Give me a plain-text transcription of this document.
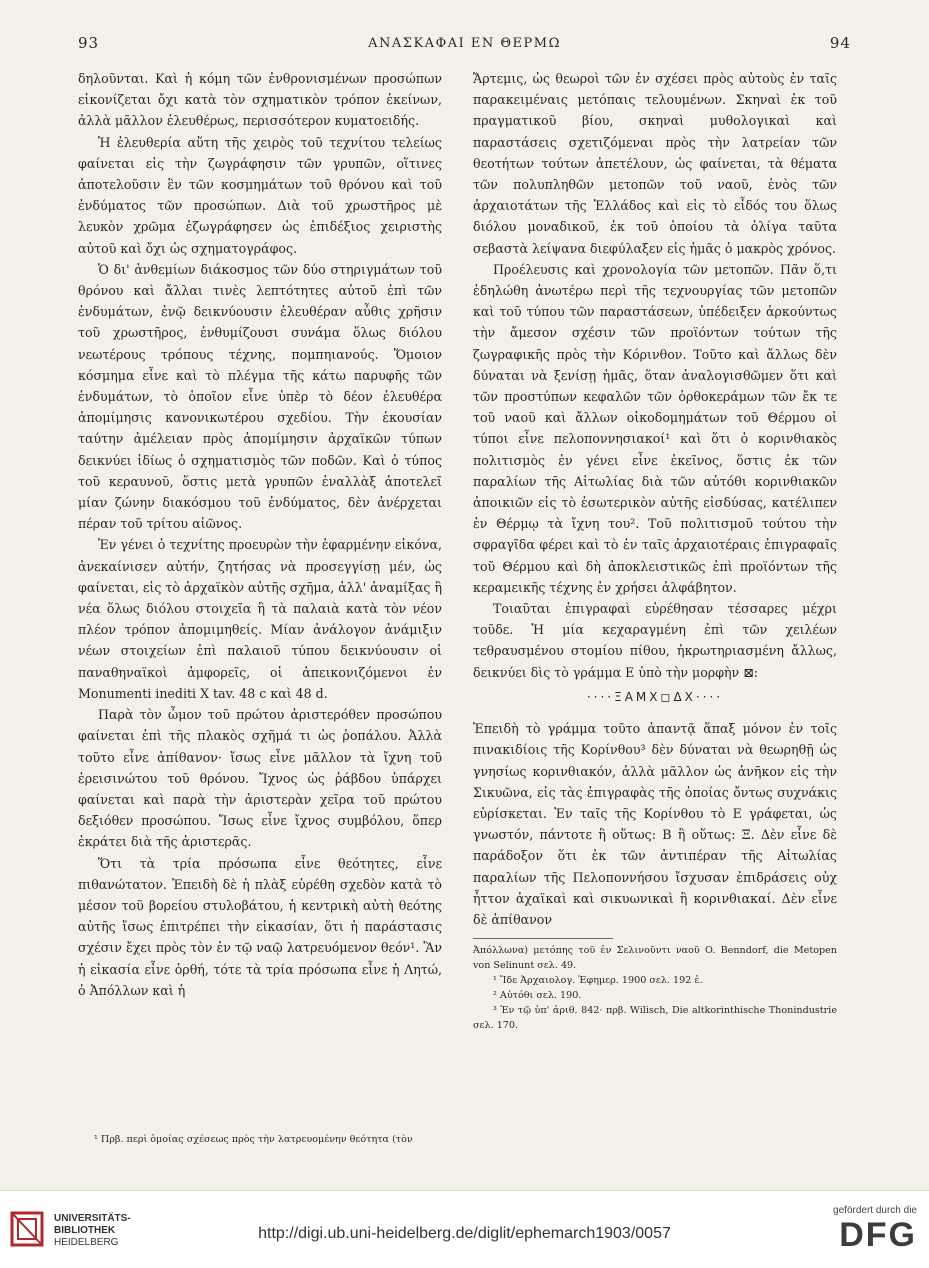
93	ΑΝΑΣΚΑΦΑΙ ΕΝ ΘΕΡΜΩ	94

δηλοῦνται. Καὶ ἡ κόμη τῶν ἐνθρονισμένων προσώπων εἰκονίζεται ὄχι κατὰ τὸν σχηματικὸν τρόπον ἐκείνων, ἀλλὰ μᾶλλον ἐλευθέρως, περισσότερον κυματοειδής.

Ἡ ἐλευθερία αὕτη τῆς χειρὸς τοῦ τεχνίτου τελείως φαίνεται εἰς τὴν ζωγράφησιν τῶν γρυπῶν, οἵτινες ἀποτελοῦσιν ἓν τῶν κοσμημάτων τοῦ θρόνου καὶ τοῦ ἐνδύματος τῶν προσώπων. Διὰ τοῦ χρωστῆρος μὲ λευκὸν χρῶμα ἐζωγράφησεν ὡς ἐπιδέξιος χειριστὴς αὐτοῦ καὶ ὄχι ὡς σχηματογράφος.

Ὁ δι' ἀνθεμίων διάκοσμος τῶν δύο στηριγμάτων τοῦ θρόνου καὶ ἄλλαι τινὲς λεπτότητες αὐτοῦ ἐπὶ τῶν ἐνδυμάτων, ἐνῷ δεικνύουσιν ἐλευθέραν αὖθις χρῆσιν τοῦ χρωστῆρος, ἐνθυμίζουσι συνάμα ὅλως διόλου νεωτέρους τρόπους τέχνης, πομπηιανούς. Ὅμοιον κόσμημα εἶνε καὶ τὸ πλέγμα τῆς κάτω παρυφῆς τῶν ἐνδυμάτων, τὸ ὁποῖον εἶνε ὑπὲρ τὸ δέον ἐλευθέρα ἀπομίμησις κανονικωτέρου σχεδίου. Τὴν ἑκουσίαν ταύτην ἀμέλειαν πρὸς ἀπομίμησιν ἀρχαϊκῶν τύπων δεικνύει ἰδίως ὁ σχηματισμὸς τῶν ποδῶν. Καὶ ὁ τύπος τοῦ κεραυνοῦ, ὅστις μετὰ γρυπῶν ἐναλλὰξ ἀποτελεῖ μίαν ζώνην διακόσμου τοῦ ἐνδύματος, δὲν ἀνέρχεται πέραν τοῦ τρίτου αἰῶνος.

Ἐν γένει ὁ τεχνίτης προευρὼν τὴν ἐφαρμένην εἰκόνα, ἀνεκαίνισεν αὐτήν, ζητήσας νὰ προσεγγίσῃ μέν, ὡς φαίνεται, εἰς τὸ ἀρχαϊκὸν αὐτῆς σχῆμα, ἀλλ' ἀναμίξας ἢ νέα ὅλως διόλου στοιχεῖα ἢ τὰ παλαιὰ κατὰ τὸν νέον πλέον τρόπον ἀπομιμηθείς. Μίαν ἀνάλογον ἀνάμιξιν νέων στοιχείων ἐπὶ παλαιοῦ τύπου δεικνύουσιν οἱ παναθηναϊκοὶ ἀμφορεῖς, οἱ ἀπεικονιζόμενοι ἐν Monumenti inediti X tav. 48 c καὶ 48 d.

Παρὰ τὸν ὦμον τοῦ πρώτου ἀριστερόθεν προσώπου φαίνεται ἐπὶ τῆς πλακὸς σχῆμά τι ὡς ῥοπάλου. Ἀλλὰ τοῦτο εἶνε ἀπίθανον· ἴσως εἶνε μᾶλλον τὰ ἴχνη τοῦ ἐρεισινώτου τοῦ θρόνου. Ἴχνος ὡς ῥάβδου ὑπάρχει φαίνεται καὶ παρὰ τὴν ἀριστερὰν χεῖρα τοῦ πρώτου δεξιόθεν προσώπου. Ἴσως εἶνε ἴχνος συμβόλου, ὅπερ ἐκράτει διὰ τῆς ἀριστερᾶς.

Ὅτι τὰ τρία πρόσωπα εἶνε θεότητες, εἶνε πιθανώτατον. Ἐπειδὴ δὲ ἡ πλὰξ εὑρέθη σχεδὸν κατὰ τὸ μέσον τοῦ βορείου στυλοβάτου, ἡ κεντρικὴ αὐτὴ θεότης αὐτῆς ἴσως ἐπιτρέπει τὴν εἰκασίαν, ὅτι ἡ παράστασις σχέσιν ἔχει πρὸς τὸν ἐν τῷ ναῷ λατρευόμενον θεόν¹. Ἂν ἡ εἰκασία εἶνε ὀρθή, τότε τὰ τρία πρόσωπα εἶνε ἡ Λητώ, ὁ Ἀπόλλων καὶ ἡ

¹ Πρβ. περὶ ὁμοίας σχέσεως πρὸς τὴν λατρευομένην θεότητα (τὸν

Ἄρτεμις, ὡς θεωροὶ τῶν ἐν σχέσει πρὸς αὐτοὺς ἐν ταῖς παρακειμέναις μετόπαις τελουμένων. Σκηναὶ ἐκ τοῦ πραγματικοῦ βίου, σκηναὶ μυθολογικαὶ καὶ παραστάσεις σχετιζόμεναι πρὸς τὴν λατρείαν τῶν θεοτήτων τούτων ἀπετέλουν, ὡς φαίνεται, τὰ θέματα τῶν πολυπληθῶν μετοπῶν τοῦ ναοῦ, ἑνὸς τῶν ἀρχαιοτάτων τῆς Ἑλλάδος καὶ εἰς τὸ εἶδός του ὅλως διόλου μοναδικοῦ, ἐκ τοῦ ὁποίου τὰ ὀλίγα ταῦτα σεβαστὰ λείψανα διεφύλαξεν εἰς ἡμᾶς ὁ μακρὸς χρόνος.

Προέλευσις καὶ χρονολογία τῶν μετοπῶν. Πᾶν ὅ,τι ἐδηλώθη ἀνωτέρω περὶ τῆς τεχνουργίας τῶν μετοπῶν καὶ τοῦ τύπου τῶν παραστάσεων, ὑπέδειξεν ἀρκούντως τὴν ἄμεσον σχέσιν τῶν προϊόντων τούτων τῆς ζωγραφικῆς πρὸς τὴν Κόρινθον. Τοῦτο καὶ ἄλλως δὲν δύναται νὰ ξενίσῃ ἡμᾶς, ὅταν ἀναλογισθῶμεν ὅτι καὶ τῶν προστύπων κεφαλῶν τῶν ὀρθοκεράμων τῶν ἔκ τε τοῦ ναοῦ καὶ ἄλλων οἰκοδομημάτων τοῦ Θέρμου οἱ τύποι εἶνε πελοποννησιακοί¹ καὶ ὅτι ὁ κορινθιακὸς πολιτισμὸς ἐν γένει εἶνε ἐκεῖνος, ὅστις ἐκ τῶν παραλίων τῆς Αἰτωλίας διὰ τῶν αὐτόθι κορινθιακῶν ἀποικιῶν εἰς τὸ ἐσωτερικὸν αὐτῆς εἰσδύσας, κατέλιπεν ἐν Θέρμῳ τὰ ἴχνη του². Τοῦ πολιτισμοῦ τούτου τὴν σφραγῖδα φέρει καὶ τὸ ἐν ταῖς ἀρχαιοτέραις ἐπιγραφαῖς τοῦ Θέρμου καὶ δὴ ἀποκλειστικῶς ἐπὶ προϊόντων τῆς κεραμεικῆς τέχνης ἐν χρήσει ἀλφάβητον.

Τοιαῦται ἐπιγραφαὶ εὑρέθησαν τέσσαρες μέχρι τοῦδε. Ἡ μία κεχαραγμένη ἐπὶ τῶν χειλέων τεθραυσμένου στομίου πίθου, ἠκρωτηριασμένη ἄλλως, δεικνύει δὶς τὸ γράμμα Ε ὑπὸ τὴν μορφὴν ⊠:

····ΞΑΜΧ◻ΔΧ····

Ἐπειδὴ τὸ γράμμα τοῦτο ἀπαντᾷ ἅπαξ μόνον ἐν τοῖς πινακιδίοις τῆς Κορίνθου³ δὲν δύναται νὰ θεωρηθῇ ὡς γνησίως κορινθιακόν, ἀλλὰ μᾶλλον ὡς ἀνῆκον εἰς τὴν Σικυῶνα, εἰς τὰς ἐπιγραφὰς τῆς ὁποίας ὄντως συχνάκις εὑρίσκεται. Ἐν ταῖς τῆς Κορίνθου τὸ Ε γράφεται, ὡς γνωστόν, πάντοτε ἢ οὕτως: Β ἢ οὕτως: Ξ. Δὲν εἶνε δὲ παράδοξον ὅτι ἐκ τῶν ἀντιπέραν τῆς Αἰτωλίας παραλίων τῆς Πελοποννήσου ἴσχυσαν ἐπιδράσεις οὐχ ἧττον ἀχαϊκαὶ καὶ σικυωνικαὶ ἢ κορινθιακαί. Δὲν εἶνε δὲ ἀπίθανον

Ἀπόλλωνα) μετόπης τοῦ ἐν Σελινοῦντι ναοῦ O. Benndorf, die Metopen von Selinunt σελ. 49.

¹ Ἴδε Ἀρχαιολογ. Ἐφημερ. 1900 σελ. 192 ἑ.

² Αὐτόθι σελ. 190.

³ Ἐν τῷ ὑπ' ἀριθ. 842· πρβ. Wilisch, Die altkorinthische Thonindustrie σελ. 170.

UNIVERSITÄTS-
BIBLIOTHEK
HEIDELBERG
http://digi.ub.uni-heidelberg.de/diglit/ephemarch1903/0057
gefördert durch die
DFG
